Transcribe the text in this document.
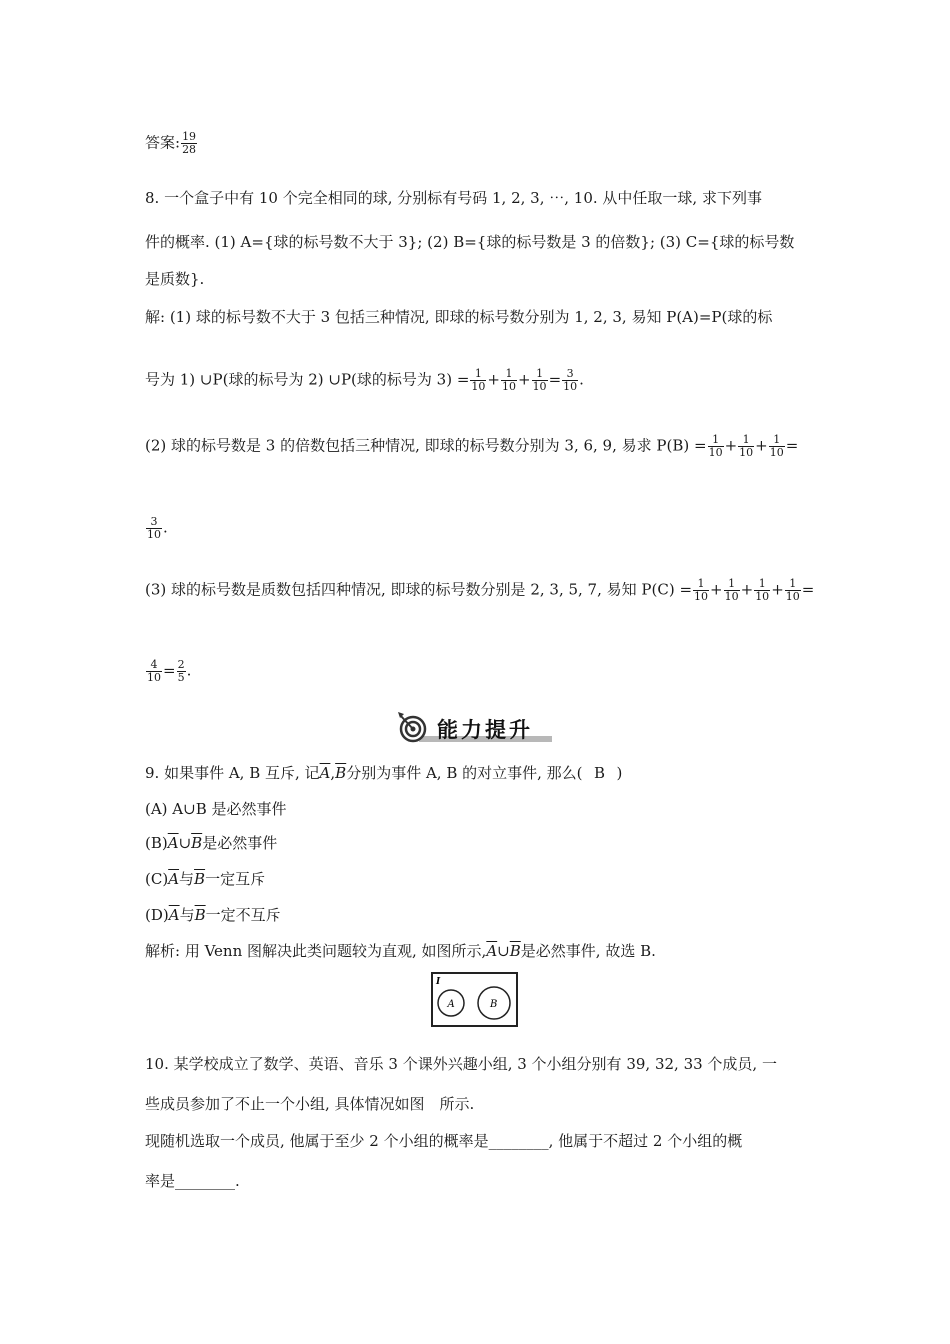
答案: $\frac{19}{28}$
8. 一个盒子中有 10 个完全相同的球, 分别标有号码 1, 2, 3, ⋯, 10. 从中任取一球, 求下列事
件的概率. (1) A={球的标号数不大于 3}; (2) B={球的标号数是 3 的倍数}; (3) C={球的标号数
是质数}.
解: (1) 球的标号数不大于 3 包括三种情况, 即球的标号数分别为 1, 2, 3, 易知 P(A)=P(球的标
号为 1) ∪P(球的标号为 2) ∪P(球的标号为 $3) = \frac{1}{10} + \frac{1}{10} + \frac{1}{10} = \frac{3}{10}$ .
(2) 球的标号数是 3 的倍数包括三种情况, 即球的标号数分别为 3, 6, 9, 易求 $P(B) = \frac{1}{10} + \frac{1}{10} + \frac{1}{10}$ =
$\frac{3}{10}$ .
(3) 球的标号数是质数包括四种情况, 即球的标号数分别是 2, 3, 5, 7, 易知 $P(C) = \frac{1}{10} + \frac{1}{10} + \frac{1}{10} + \frac{1}{10}$ =
$\frac{4}{10} = \frac{2}{5}$ .
能力提升
9. 如果事件 A, B 互斥, 记$\overline{A},\overline{B}$分别为事件 A, B 的对立事件, 那么( B )
(A) A∪B 是必然事件
$(B)\overline{A}\cup\overline{B}$是必然事件
$(C)\overline{A}$与$\overline{B}$一定互斥
$(D)\overline{A}$与$\overline{B}$一定不互斥
解析: 用 Venn 图解决此类问题较为直观, 如图所示$,\overline{A}\cup\overline{B}$是必然事件, 故选 B.
I
A	B
10. 某学校成立了数学、英语、音乐 3 个课外兴趣小组, 3 个小组分别有 39, 32, 33 个成员, 一
些成员参加了不止一个小组, 具体情况如图　所示.
现随机选取一个成员, 他属于至少 2 个小组的概率是________, 他属于不超过 2 个小组的概
率是________.
